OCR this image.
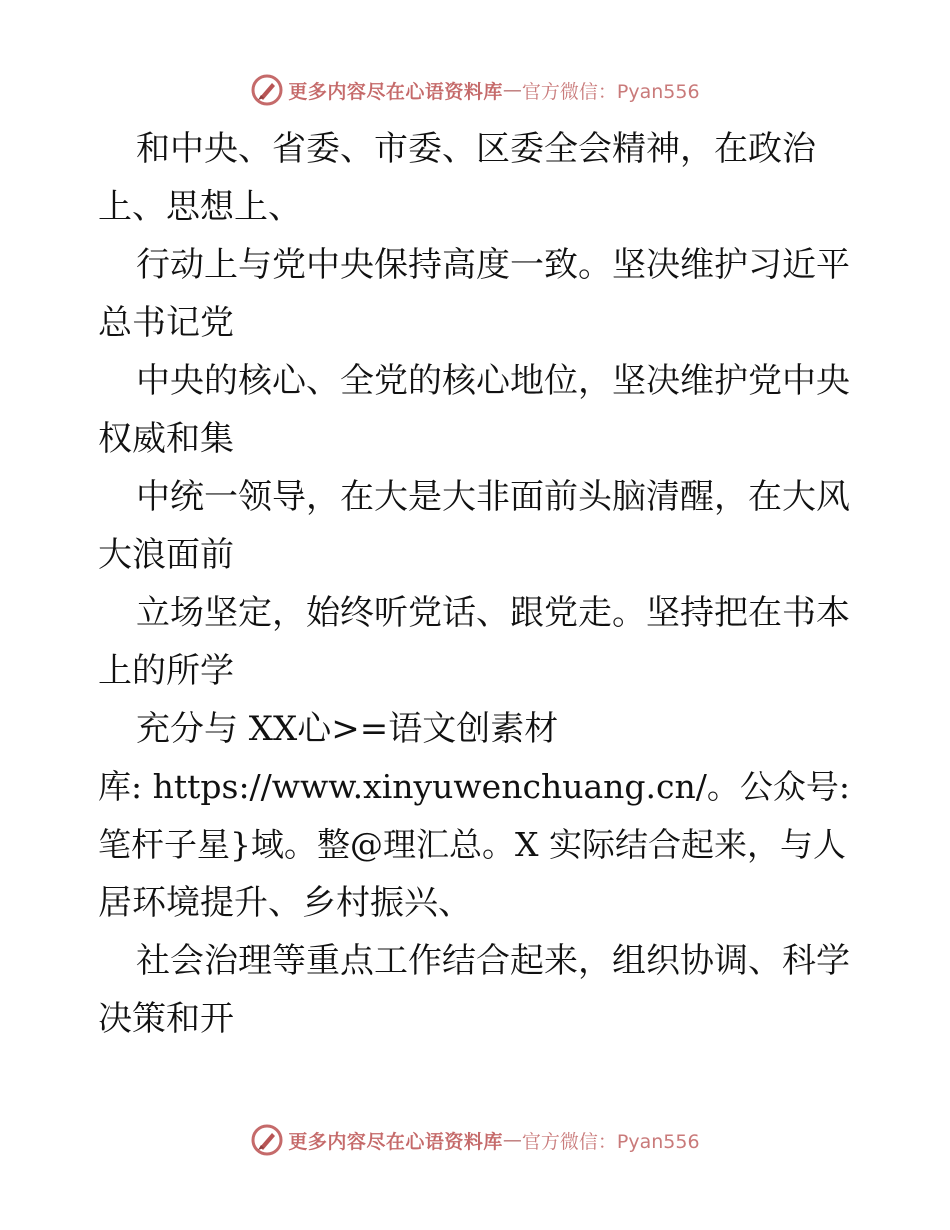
更多内容尽在心语资料库 — 官方微信：Pyan556
和中央、省委、市委、区委全会精神，在政治
上、思想上、
行动上与党中央保持高度一致。坚决维护习近平
总书记党
中央的核心、全党的核心地位，坚决维护党中央
权威和集
中统一领导，在大是大非面前头脑清醒，在大风
大浪面前
立场坚定，始终听党话、跟党走。坚持把在书本
上的所学
充分与 XX心>=语文创素材
库: https://www.xinyuwenchuang.cn/。公众号:
笔杆子星}域。整@理汇总。X 实际结合起来，与人
居环境提升、乡村振兴、
社会治理等重点工作结合起来，组织协调、科学
决策和开
更多内容尽在心语资料库 — 官方微信：Pyan556
